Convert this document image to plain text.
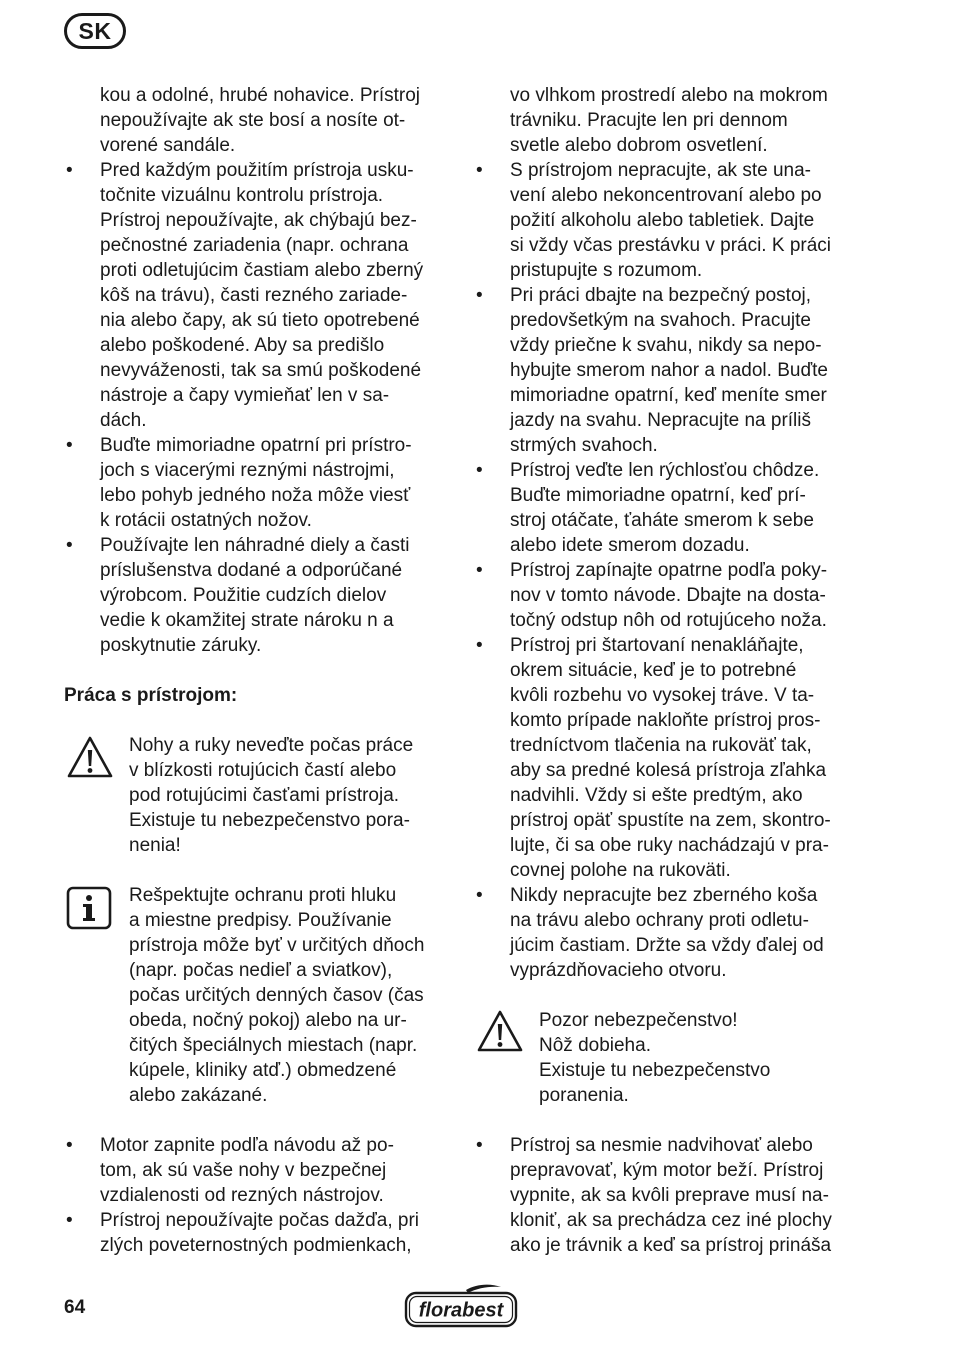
SK
kou a odolné, hrubé nohavice. Prístroj
nepoužívajte ak ste bosí a nosíte ot-
vorené sandále.
• Pred každým použitím prístroja usku-
točnite vizuálnu kontrolu prístroja.
Prístroj nepoužívajte, ak chýbajú bez-
pečnostné zariadenia (napr. ochrana
proti odletujúcim častiam alebo zberný
kôš na trávu), časti rezného zariade-
nia alebo čapy, ak sú tieto opotrebené
alebo poškodené. Aby sa predišlo
nevyváženosti, tak sa smú poškodené
nástroje a čapy vymieňať len v sa-
dách.
• Buďte mimoriadne opatrní pri prístro-
joch s viacerými reznými nástrojmi,
lebo pohyb jedného noža môže viesť
k rotácii ostatných nožov.
• Používajte len náhradné diely a časti
príslušenstva dodané a odporúčané
výrobcom. Použitie cudzích dielov
vedie k okamžitej strate nároku n a
poskytnutie záruky.
Práca s prístrojom:
Nohy a ruky neveďte počas práce
v blízkosti rotujúcich častí alebo
pod rotujúcimi časťami prístroja.
Existuje tu nebezpečenstvo pora-
nenia!
Rešpektujte ochranu proti hluku
a miestne predpisy. Používanie
prístroja môže byť v určitých dňoch
(napr. počas nedieľ a sviatkov),
počas určitých denných časov (čas
obeda, nočný pokoj) alebo na ur-
čitých špeciálnych miestach (napr.
kúpele, kliniky atď.) obmedzené
alebo zakázané.
• Motor zapnite podľa návodu až po-
tom, ak sú vaše nohy v bezpečnej
vzdialenosti od rezných nástrojov.
• Prístroj nepoužívajte počas dažďa, pri
zlých poveternostných podmienkach,
vo vlhkom prostredí alebo na mokrom
trávniku. Pracujte len pri dennom
svetle alebo dobrom osvetlení.
• S prístrojom nepracujte, ak ste una-
vení alebo nekoncentrovaní alebo po
požití alkoholu alebo tabletiek. Dajte
si vždy včas prestávku v práci. K práci
pristupujte s rozumom.
• Pri práci dbajte na bezpečný postoj,
predovšetkým na svahoch. Pracujte
vždy priečne k svahu, nikdy sa nepo-
hybujte smerom nahor a nadol. Buďte
mimoriadne opatrní, keď meníte smer
jazdy na svahu. Nepracujte na príliš
strmých svahoch.
• Prístroj veďte len rýchlosťou chôdze.
Buďte mimoriadne opatrní, keď prí-
stroj otáčate, ťaháte smerom k sebe
alebo idete smerom dozadu.
• Prístroj zapínajte opatrne podľa poky-
nov v tomto návode. Dbajte na dosta-
točný odstup nôh od rotujúceho noža.
• Prístroj pri štartovaní nenakláňajte,
okrem situácie, keď je to potrebné
kvôli rozbehu vo vysokej tráve. V ta-
komto prípade nakloňte prístroj pros-
tredníctvom tlačenia na rukoväť tak,
aby sa predné kolesá prístroja zľahka
nadvihli. Vždy si ešte predtým, ako
prístroj opäť spustíte na zem, skontro-
lujte, či sa obe ruky nachádzajú v pra-
covnej polohe na rukoväti.
• Nikdy nepracujte bez zberného koša
na trávu alebo ochrany proti odletu-
júcim častiam. Držte sa vždy ďalej od
vyprázdňovacieho otvoru.
Pozor nebezpečenstvo!
Nôž dobieha.
Existuje tu nebezpečenstvo
poranenia.
• Prístroj sa nesmie nadvihovať alebo
prepravovať, kým motor beží. Prístroj
vypnite, ak sa kvôli preprave musí na-
kloniť, ak sa prechádza cez iné plochy
ako je trávnik a keď sa prístroj prináša
64	florabest
